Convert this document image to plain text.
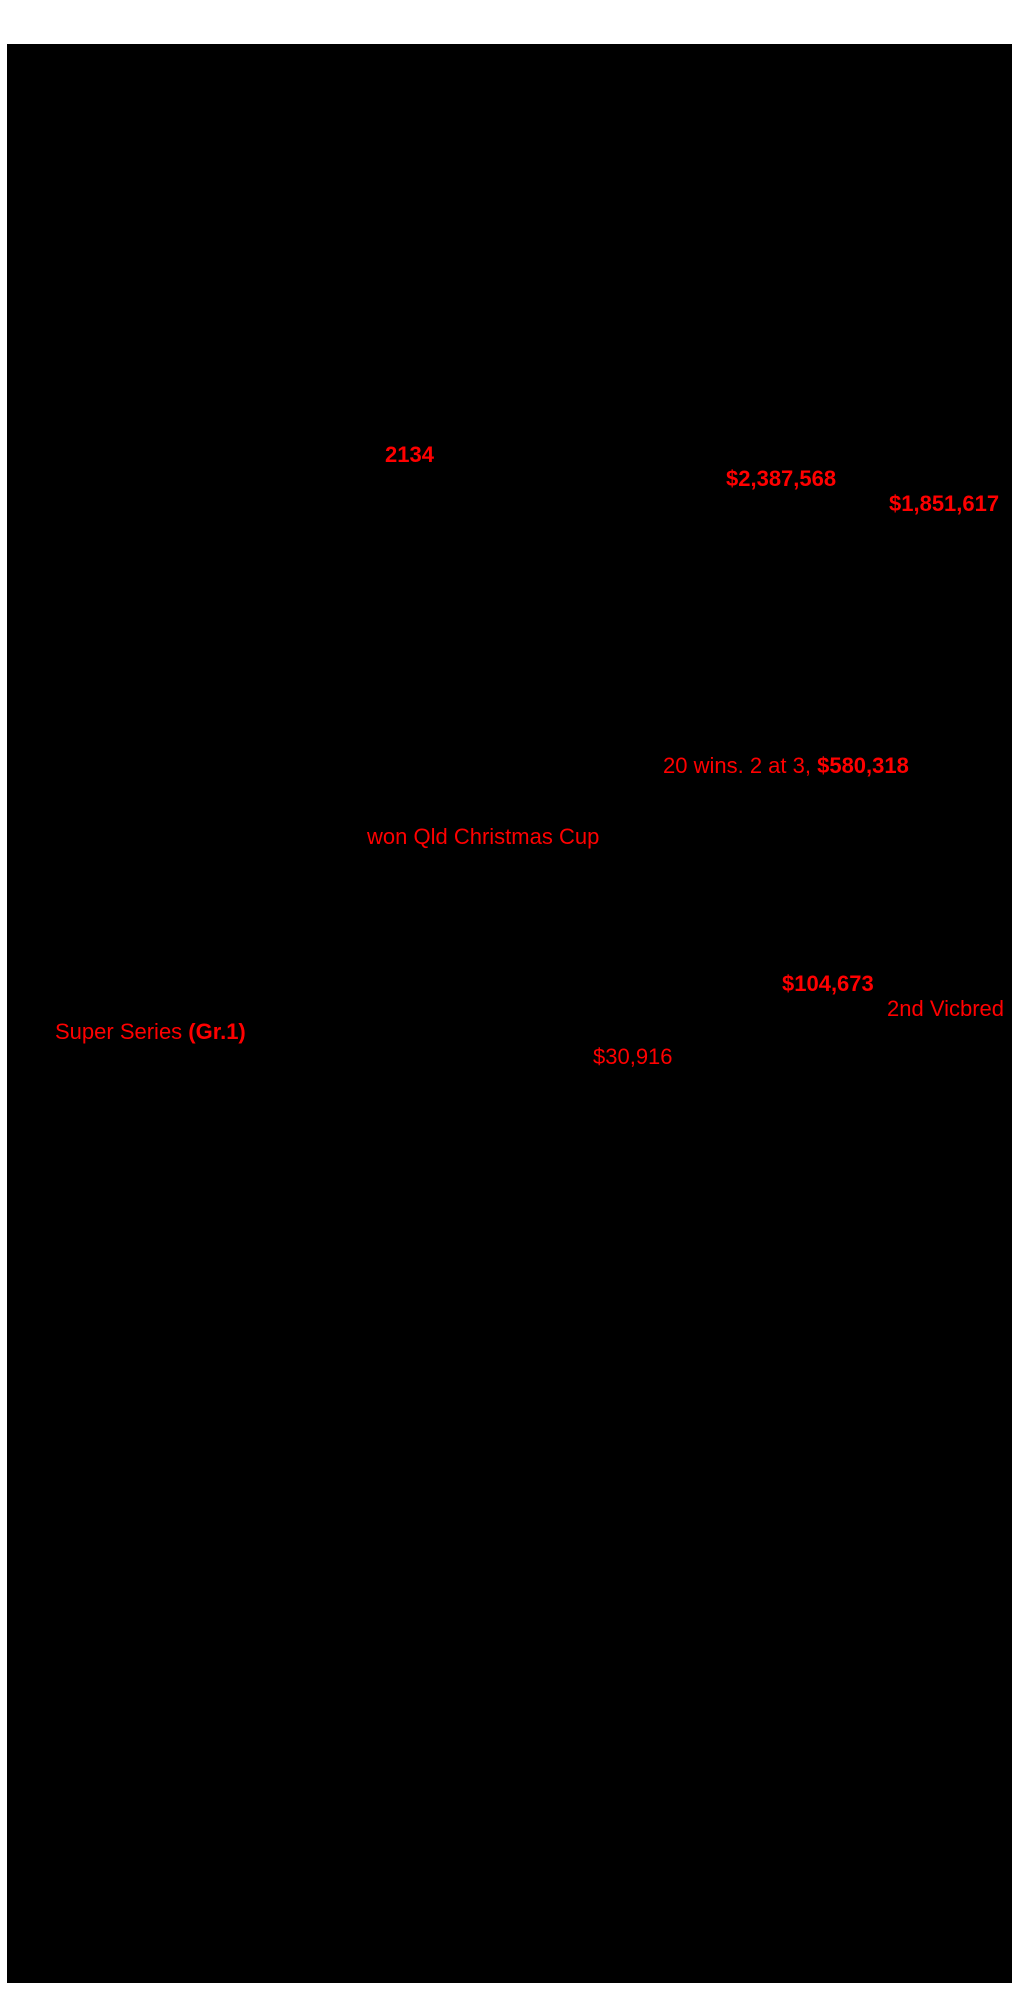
2134
$2,387,568
$1,851,617
20 wins. 2 at 3, $580,318
won Qld Christmas Cup
$104,673
2nd Vicbred
Super Series (Gr.1)
$30,916
